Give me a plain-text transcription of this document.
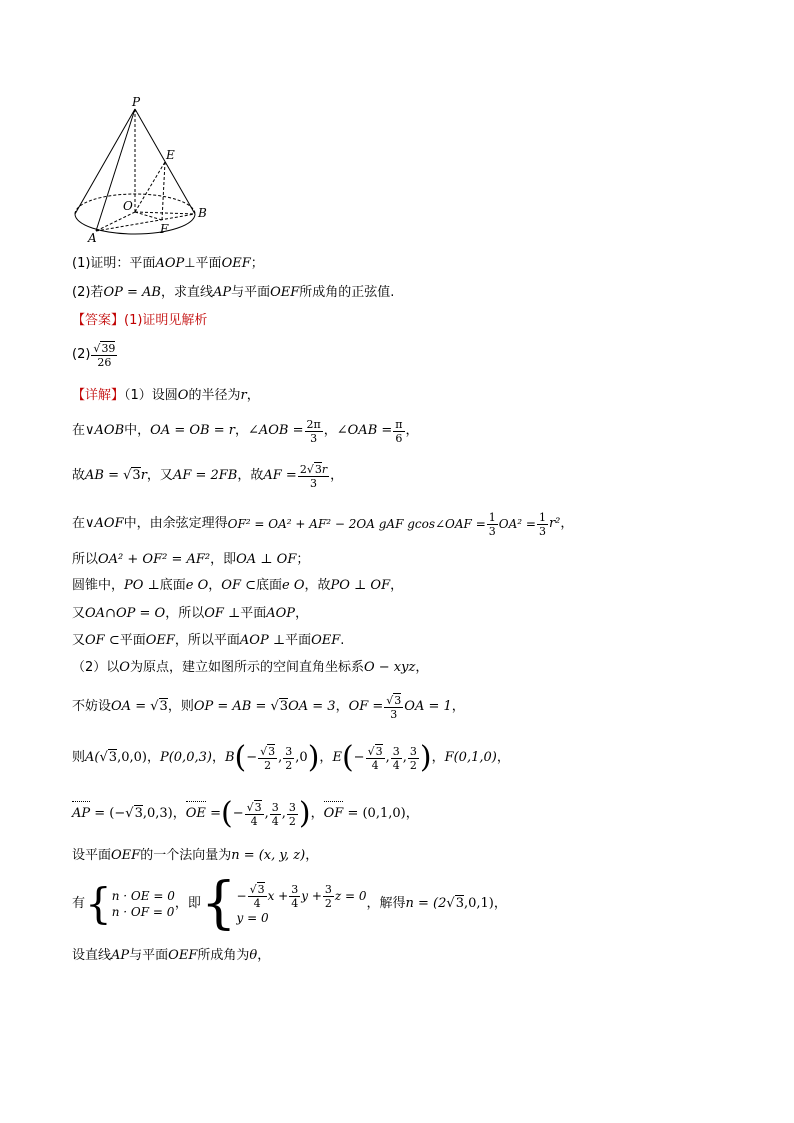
P
E
O	B
F
A
(1)证明：平面AOP⊥平面OEF；
(2)若OP = AB，求直线AP与平面OEF所成角的正弦值.
【答案】(1)证明见解析
$(2) \frac{√39}{26}$
【详解】（1）设圆O的半径为r，
在 ∨AOB 中， OA = OB = r ， ∠AOB = $\frac{2\pi}{3}$ ， ∠OAB = $\frac{\pi}{6}$ ，
故 AB =
√3 r ，又 AF = 2FB ，故 AF = $\frac{2√3r}{3}$ ，
在 ∨AOF 中，由余弦定理得 OF² = OA² + AF² − 2OA gAF gcos∠OAF = $\frac{1}{3} OA^2 = \frac{1}{3} r^2$ ，
所以OA² + OF² = AF²，即OA ⊥ OF；
圆锥中，PO ⊥底面e O，OF ⊂底面e O，故PO ⊥ OF，
又OA∩OP = O，所以OF ⊥平面AOP，
又OF ⊂平面OEF，所以平面AOP ⊥平面OEF.
（2）以O为原点，建立如图所示的空间直角坐标系O − xyz，
不妨设 OA =
√3 ，则 OP = AB =
√3 OA = 3 ， OF = $\frac{√3}{3}$ OA = 1 ，
则 A( √3 ,0,0) ， P(0,0,3) ， B ( − $\frac{√3}{2}$ , $\frac{3}{2} ,0$ ) ， E ( − $\frac{√3}{4}$ , $\frac{3}{4}$ , $\frac{3}{2}$ ) ， F(0,1,0) ，
AP
= (− √3 ,0,3) ， OE
= ( − $\frac{√3}{4}$ , $\frac{3}{4}$ , $\frac{3}{2}$ ) ， OF
= (0,1,0) ，
设平面OEF的一个法向量为n = (x, y, z)，
有 { n · OE = 0
n · OF = 0
，即 { − $\frac{√3}{4}$ $x + \frac{3}{4}$ $y + \frac{3}{2}$ z = 0
y = 0
，解得 n = (2 √3 ,0,1) ，
设直线AP与平面OEF所成角为θ，
